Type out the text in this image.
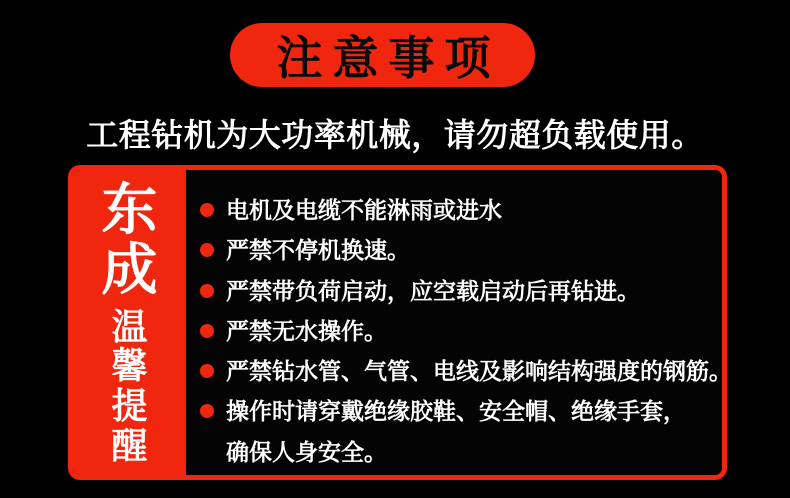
注意事项
工程钻机为大功率机械，请勿超负载使用。
东成
温馨提醒
电机及电缆不能淋雨或进水
严禁不停机换速。
严禁带负荷启动，应空载启动后再钻进。
严禁无水操作。
严禁钻水管、气管、电线及影响结构强度的钢筋。
操作时请穿戴绝缘胶鞋、安全帽、绝缘手套，
确保人身安全。
